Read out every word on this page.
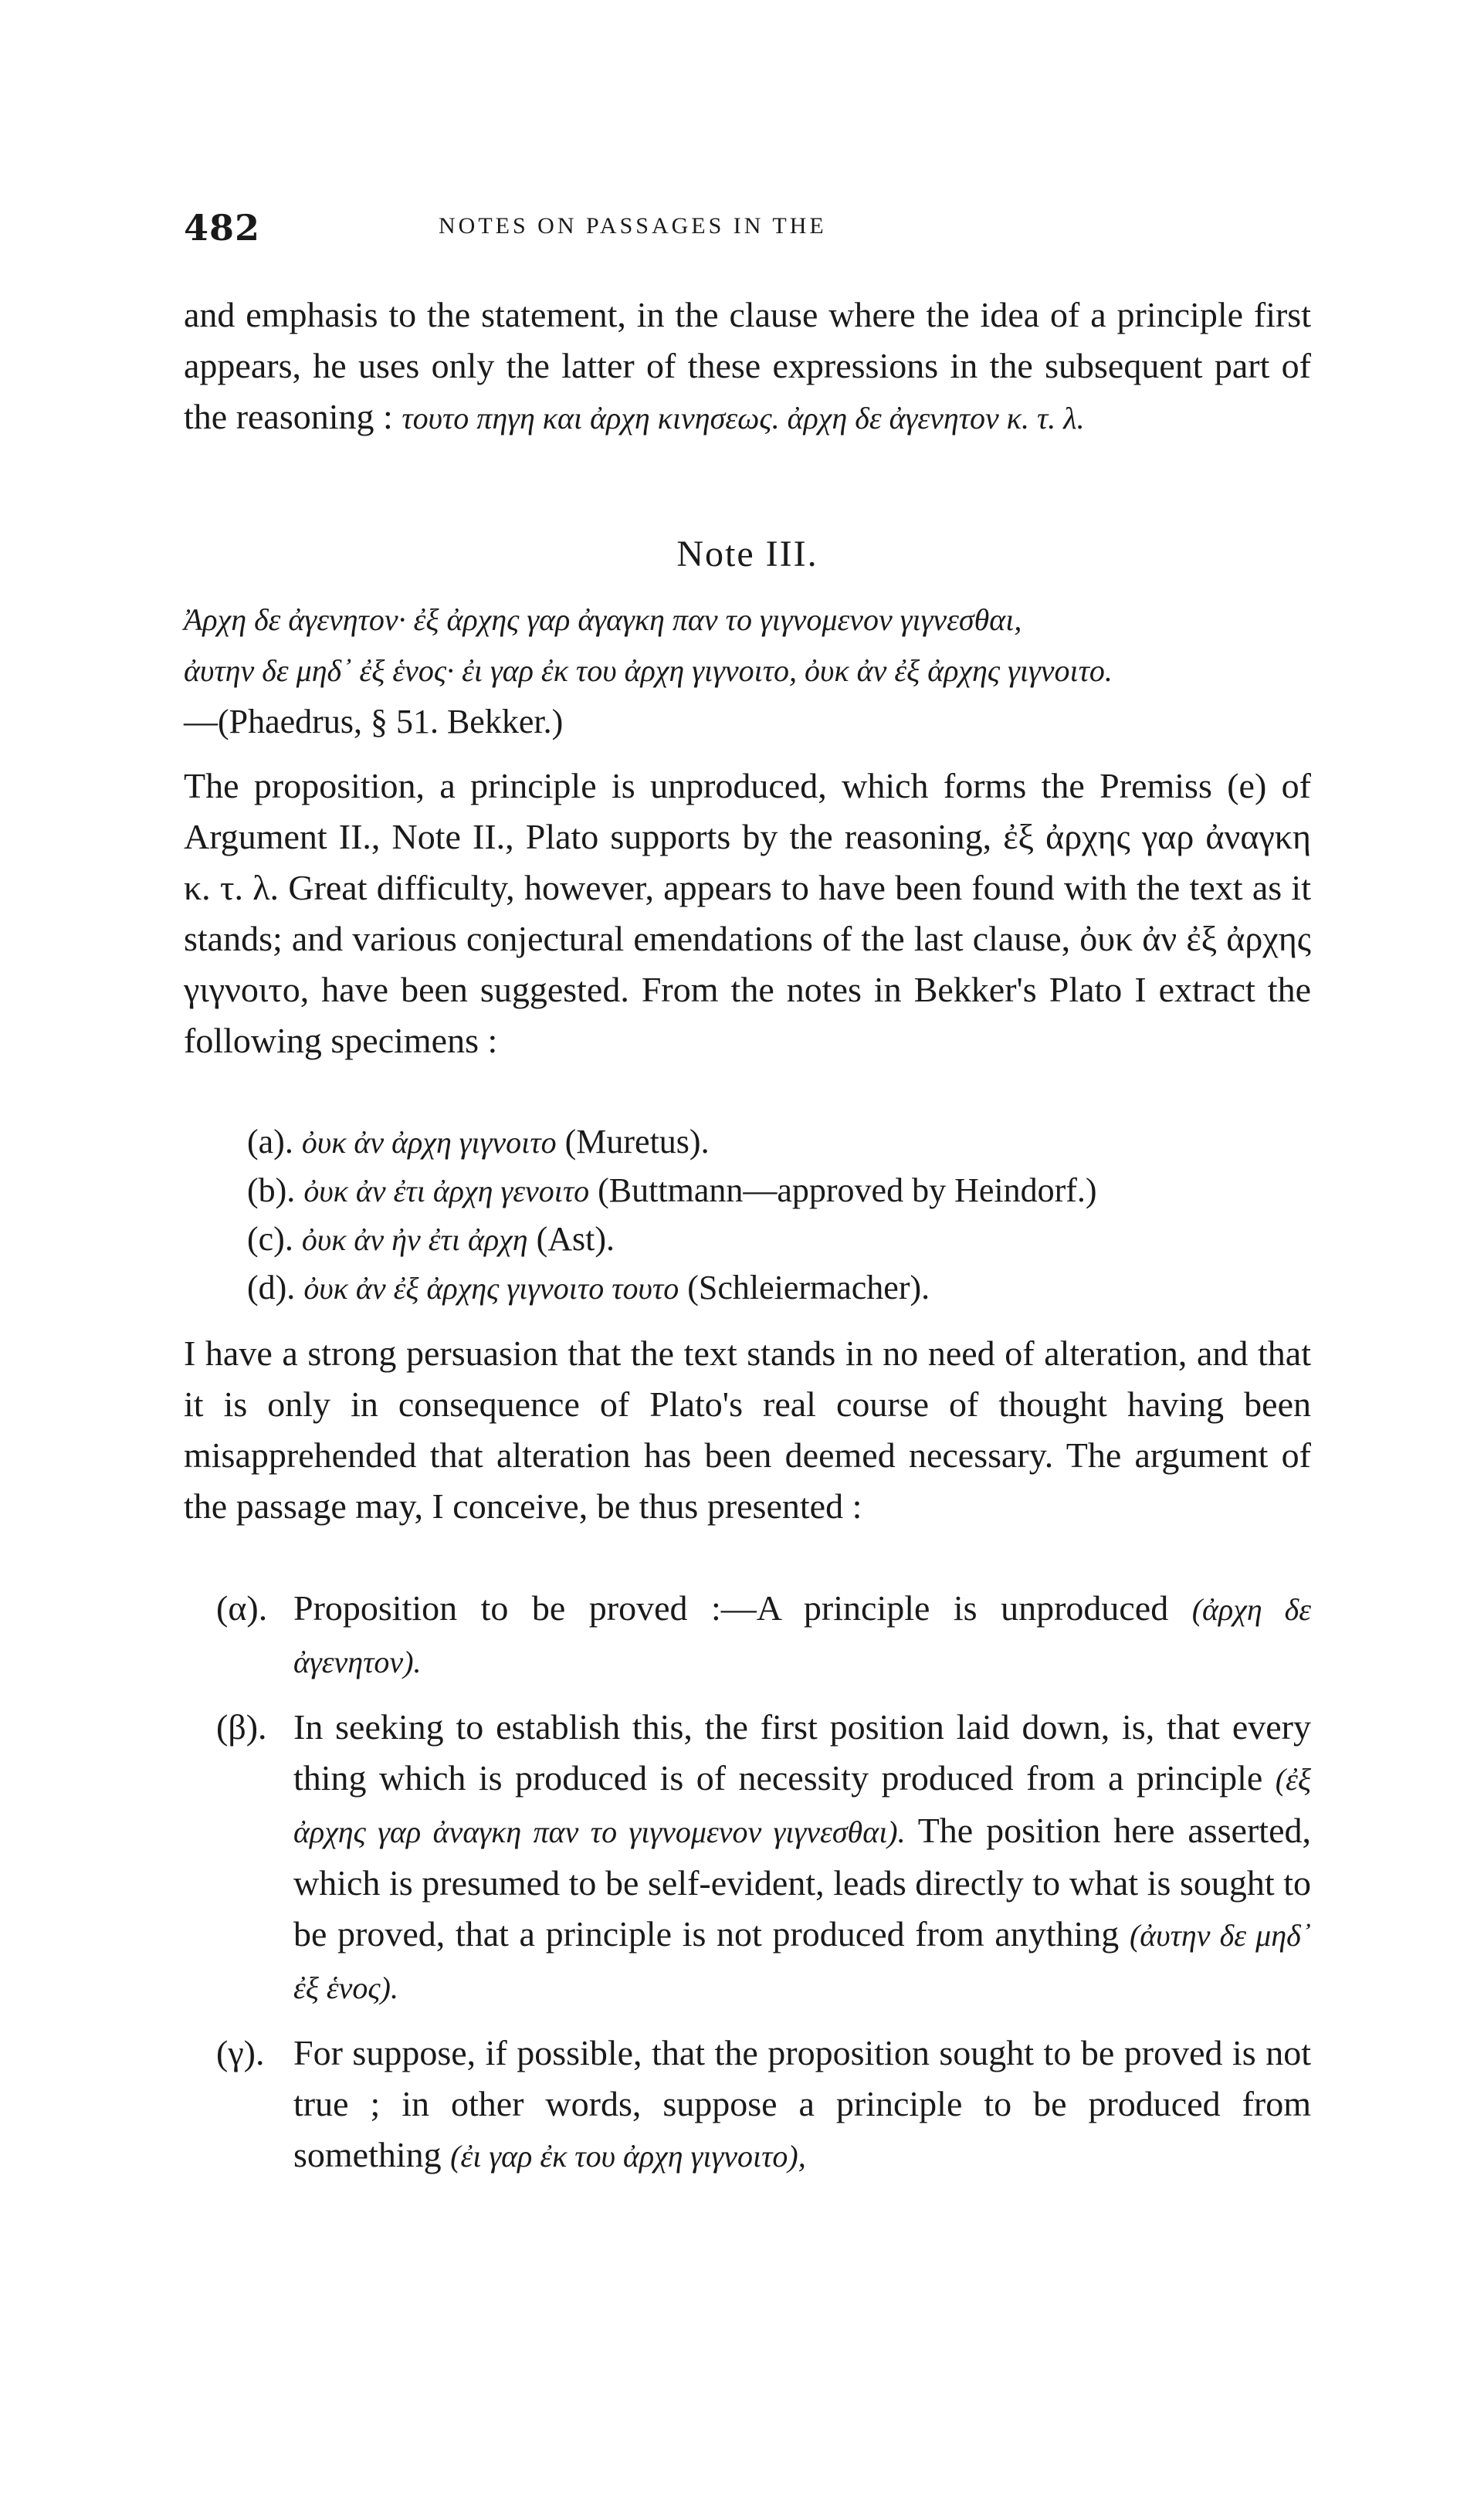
482	NOTES ON PASSAGES IN THE

and emphasis to the statement, in the clause where the idea of a principle first appears, he uses only the latter of these expressions in the subsequent part of the reasoning : τουτο πηγη και ἀρχη κινησεως. ἀρχη δε ἀγενητον κ. τ. λ.

Note III.
Ἀρχη δε ἀγενητον· ἐξ ἀρχης γαρ ἀγαγκη παν το γιγνομενον γιγνεσθαι,
ἀυτην δε μηδ᾽ ἐξ ἑνος· ἐι γαρ ἐκ του ἀρχη γιγνοιτο, ὀυκ ἀν ἐξ ἀρχης γιγνοιτο.
—(Phaedrus, § 51. Bekker.)

The proposition, a principle is unproduced, which forms the Premiss (e) of Argument II., Note II., Plato supports by the reasoning, ἐξ ἀρχης γαρ ἀναγκη κ. τ. λ. Great difficulty, however, appears to have been found with the text as it stands; and various conjectural emendations of the last clause, ὀυκ ἀν ἐξ ἀρχης γιγνοιτο, have been suggested. From the notes in Bekker's Plato I extract the following specimens :

(a). ὀυκ ἀν ἀρχη γιγνοιτο (Muretus).
(b). ὀυκ ἀν ἐτι ἀρχη γενοιτο (Buttmann—approved by Heindorf.)
(c). ὀυκ ἀν ἠν ἐτι ἀρχη (Ast).
(d). ὀυκ ἀν ἐξ ἀρχης γιγνοιτο τουτο (Schleiermacher).

I have a strong persuasion that the text stands in no need of alteration, and that it is only in consequence of Plato's real course of thought having been misapprehended that alteration has been deemed necessary. The argument of the passage may, I conceive, be thus presented :

(α). Proposition to be proved :—A principle is unproduced (ἀρχη δε ἀγενητον).
(β). In seeking to establish this, the first position laid down, is, that every thing which is produced is of necessity produced from a principle (ἐξ ἀρχης γαρ ἀναγκη παν το γιγνομενον γιγνεσθαι). The position here asserted, which is presumed to be self-evident, leads directly to what is sought to be proved, that a principle is not produced from anything (ἀυτην δε μηδ᾽ ἐξ ἑνος).
(γ). For suppose, if possible, that the proposition sought to be proved is not true ; in other words, suppose a principle to be produced from something (ἐι γαρ ἐκ του ἀρχη γιγνοιτο),
